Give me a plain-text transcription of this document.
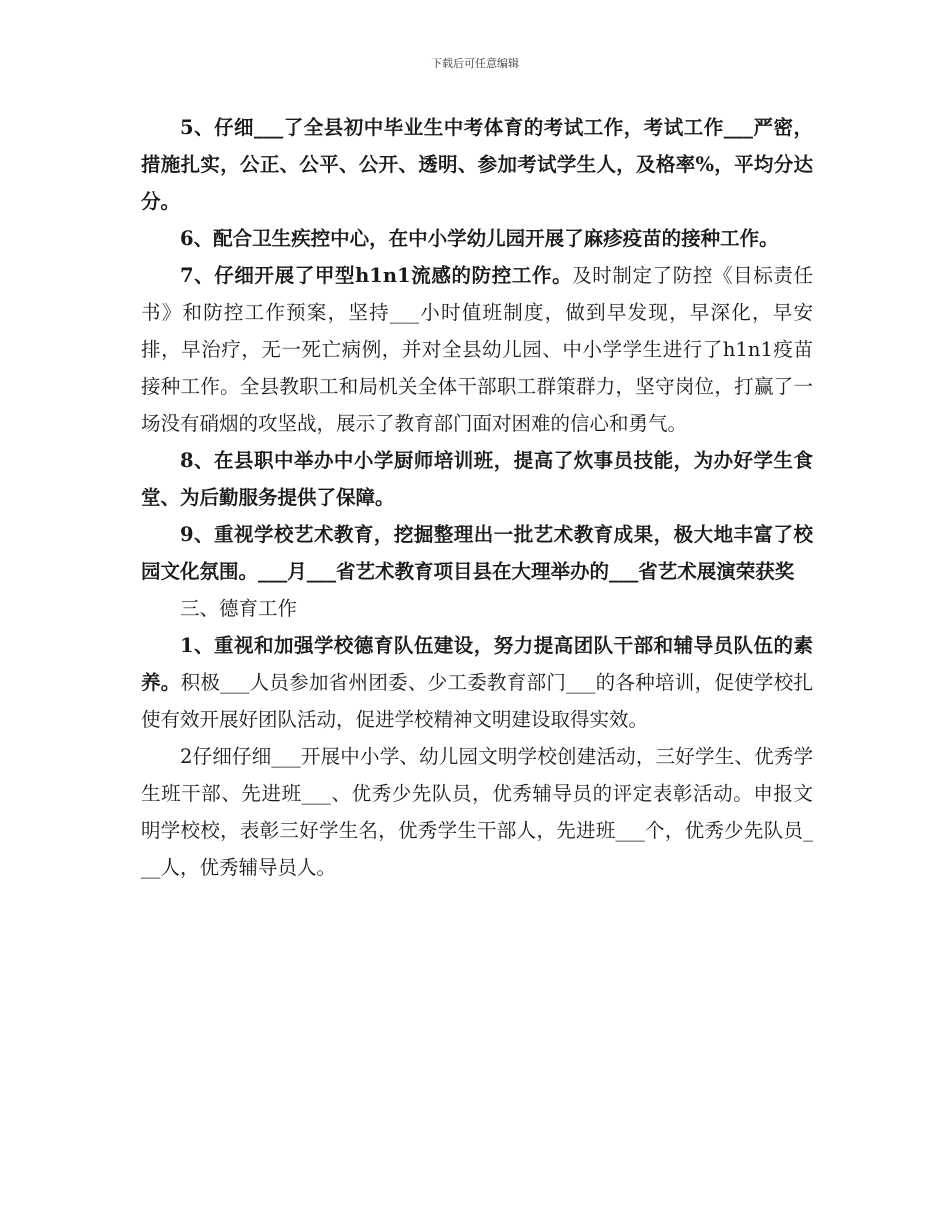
下载后可任意编辑

5、仔细___了全县初中毕业生中考体育的考试工作，考试工作___严密，措施扎实，公正、公平、公开、透明、参加考试学生人，及格率%，平均分达分。

6、配合卫生疾控中心，在中小学幼儿园开展了麻疹疫苗的接种工作。

7、仔细开展了甲型h1n1流感的防控工作。及时制定了防控《目标责任书》和防控工作预案，坚持___小时值班制度，做到早发现，早深化，早安排，早治疗，无一死亡病例，并对全县幼儿园、中小学学生进行了h1n1疫苗接种工作。全县教职工和局机关全体干部职工群策群力，坚守岗位，打赢了一场没有硝烟的攻坚战，展示了教育部门面对困难的信心和勇气。

8、在县职中举办中小学厨师培训班，提高了炊事员技能，为办好学生食堂、为后勤服务提供了保障。

9、重视学校艺术教育，挖掘整理出一批艺术教育成果，极大地丰富了校园文化氛围。___月___省艺术教育项目县在大理举办的___省艺术展演荣获奖

三、德育工作

1、重视和加强学校德育队伍建设，努力提高团队干部和辅导员队伍的素养。积极___人员参加省州团委、少工委教育部门___的各种培训，促使学校扎使有效开展好团队活动，促进学校精神文明建设取得实效。

2仔细仔细___开展中小学、幼儿园文明学校创建活动，三好学生、优秀学生班干部、先进班___、优秀少先队员，优秀辅导员的评定表彰活动。申报文明学校校，表彰三好学生名，优秀学生干部人，先进班___个，优秀少先队员___人，优秀辅导员人。
